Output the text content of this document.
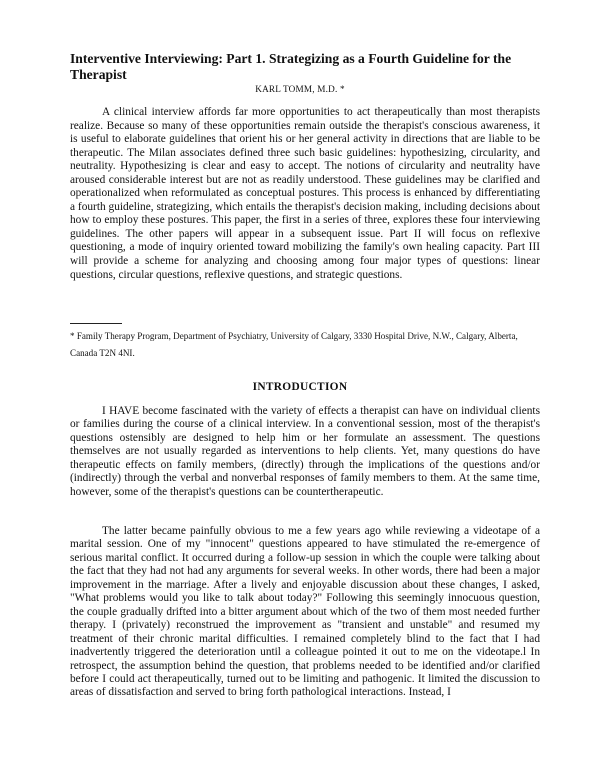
Interventive Interviewing: Part 1. Strategizing as a Fourth Guideline for the Therapist
KARL TOMM, M.D. *

A clinical interview affords far more opportunities to act therapeutically than most therapists realize. Because so many of these opportunities remain outside the therapist's conscious awareness, it is useful to elaborate guidelines that orient his or her general activity in directions that are liable to be therapeutic. The Milan associates defined three such basic guidelines: hypothesizing, circularity, and neutrality. Hypothesizing is clear and easy to accept. The notions of circularity and neutrality have aroused considerable interest but are not as readily understood. These guidelines may be clarified and operationalized when reformulated as conceptual postures. This process is enhanced by differentiating a fourth guideline, strategizing, which entails the therapist's decision making, including decisions about how to employ these postures. This paper, the first in a series of three, explores these four interviewing guidelines. The other papers will appear in a subsequent issue. Part II will focus on reflexive questioning, a mode of inquiry oriented toward mobilizing the family's own healing capacity. Part III will provide a scheme for analyzing and choosing among four major types of questions: linear questions, circular questions, reflexive questions, and strategic questions.

* Family Therapy Program, Department of Psychiatry, University of Calgary, 3330 Hospital Drive, N.W., Calgary, Alberta, Canada T2N 4NI.

INTRODUCTION

I HAVE become fascinated with the variety of effects a therapist can have on individual clients or families during the course of a clinical interview. In a conventional session, most of the therapist's questions ostensibly are designed to help him or her formulate an assessment. The questions themselves are not usually regarded as interventions to help clients. Yet, many questions do have therapeutic effects on family members, (directly) through the implications of the questions and/or (indirectly) through the verbal and nonverbal responses of family members to them. At the same time, however, some of the therapist's questions can be countertherapeutic.

The latter became painfully obvious to me a few years ago while reviewing a videotape of a marital session. One of my "innocent" questions appeared to have stimulated the re-emergence of serious marital conflict. It occurred during a follow-up session in which the couple were talking about the fact that they had not had any arguments for several weeks. In other words, there had been a major improvement in the marriage. After a lively and enjoyable discussion about these changes, I asked, "What problems would you like to talk about today?" Following this seemingly innocuous question, the couple gradually drifted into a bitter argument about which of the two of them most needed further therapy. I (privately) reconstrued the improvement as "transient and unstable" and resumed my treatment of their chronic marital difficulties. I remained completely blind to the fact that I had inadvertently triggered the deterioration until a colleague pointed it out to me on the videotape.l In retrospect, the assumption behind the question, that problems needed to be identified and/or clarified before I could act therapeutically, turned out to be limiting and pathogenic. It limited the discussion to areas of dissatisfaction and served to bring forth pathological interactions. Instead, I
